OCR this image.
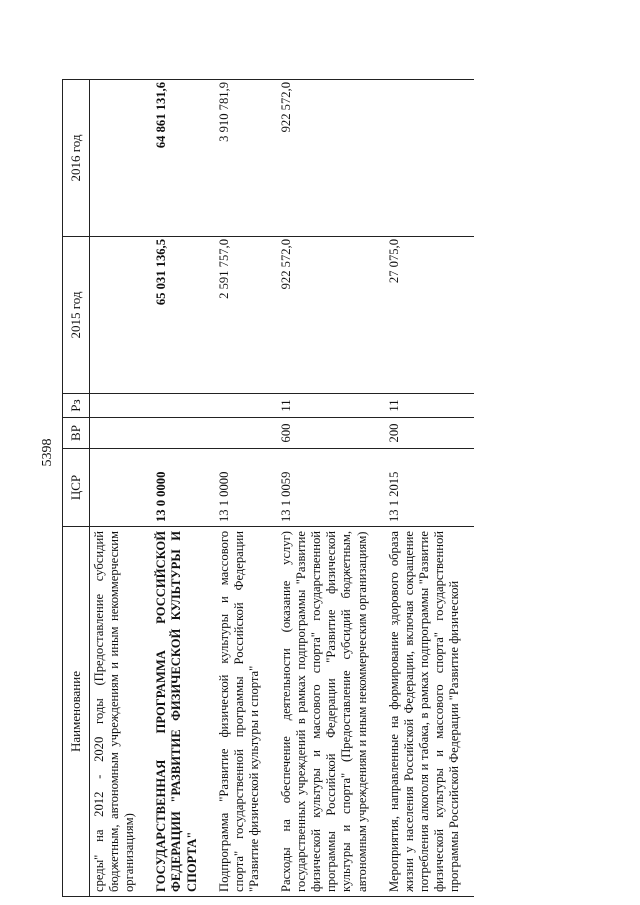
5398
Наименование	ЦСР	ВР	Рз	2015 год	2016 год
среды" на 2012 - 2020 годы (Предоставление субсидий бюджетным, автономным учреждениям и иным некоммерческим организациям)					
ГОСУДАРСТВЕННАЯ ПРОГРАММА РОССИЙСКОЙ ФЕДЕРАЦИИ "РАЗВИТИЕ ФИЗИЧЕСКОЙ КУЛЬТУРЫ И СПОРТА"	13 0 0000			65 031 136,5	64 861 131,6
Подпрограмма "Развитие физической культуры и массового спорта" государственной программы Российской Федерации "Развитие физической культуры и спорта"	13 1 0000			2 591 757,0	3 910 781,9
Расходы на обеспечение деятельности (оказание услуг) государственных учреждений в рамках подпрограммы "Развитие физической культуры и массового спорта" государственной программы Российской Федерации "Развитие физической культуры и спорта" (Предоставление субсидий бюджетным, автономным учреждениям и иным некоммерческим организациям)	13 1 0059	600	11	922 572,0	922 572,0
Мероприятия, направленные на формирование здорового образа жизни у населения Российской Федерации, включая сокращение потребления алкоголя и табака, в рамках подпрограммы "Развитие физической культуры и массового спорта" государственной программы Российской Федерации "Развитие физической	13 1 2015	200	11	27 075,0	
